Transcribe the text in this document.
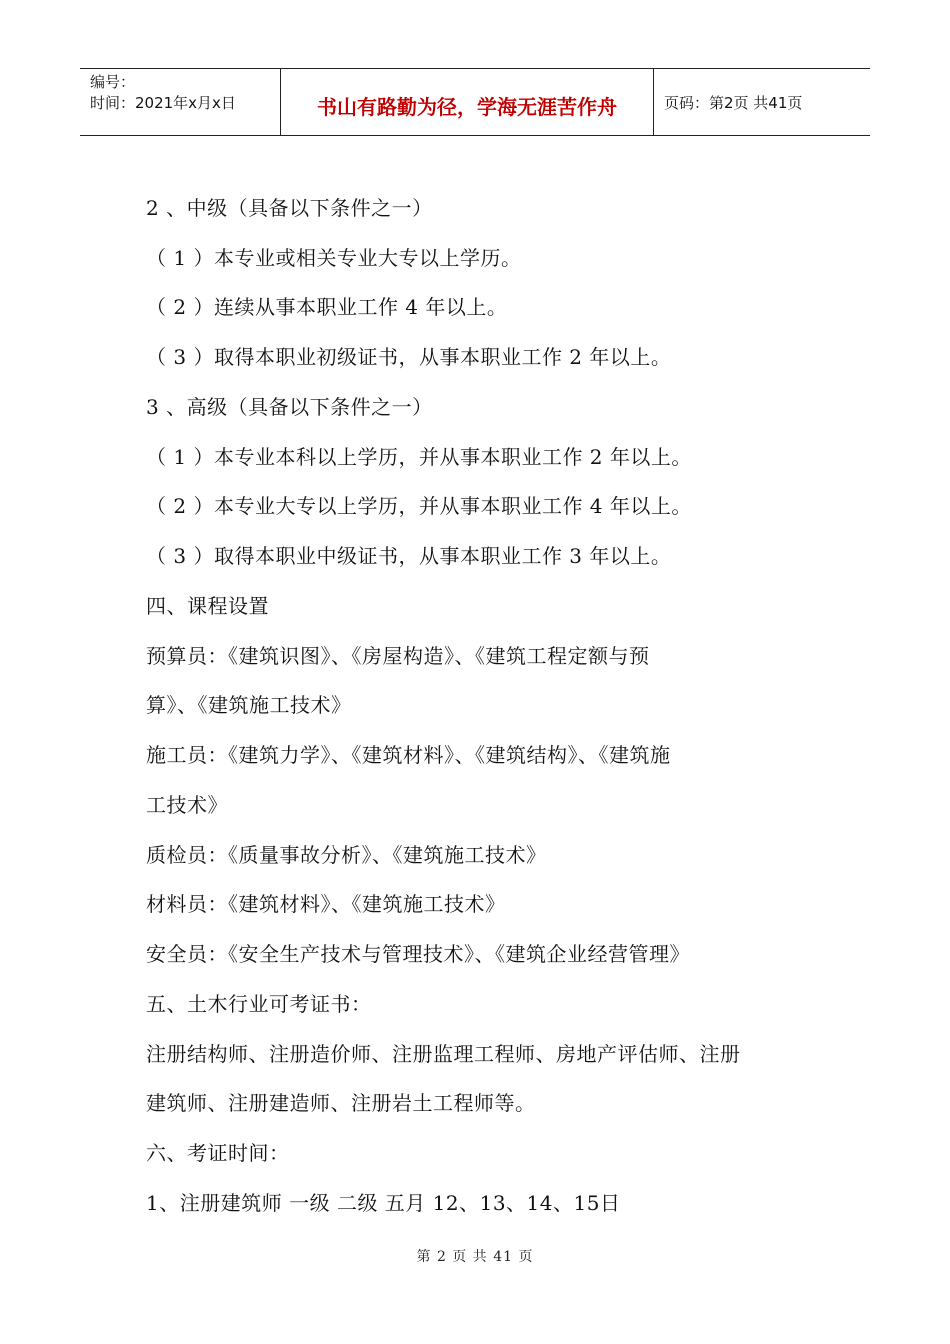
编号：
时间：2021年x月x日	书山有路勤为径，学海无涯苦作舟	页码：第2页 共41页
2 、中级（具备以下条件之一）
（ 1 ）本专业或相关专业大专以上学历。
（ 2 ）连续从事本职业工作 4 年以上。
（ 3 ）取得本职业初级证书，从事本职业工作 2 年以上。
3 、高级（具备以下条件之一）
（ 1 ）本专业本科以上学历，并从事本职业工作 2 年以上。
（ 2 ）本专业大专以上学历，并从事本职业工作 4 年以上。
（ 3 ）取得本职业中级证书，从事本职业工作 3 年以上。
四、课程设置
预算员：《建筑识图》、《房屋构造》、《建筑工程定额与预
算》、《建筑施工技术》
施工员：《建筑力学》、《建筑材料》、《建筑结构》、《建筑施
工技术》
质检员：《质量事故分析》、《建筑施工技术》
材料员：《建筑材料》、《建筑施工技术》
安全员：《安全生产技术与管理技术》、《建筑企业经营管理》
五、土木行业可考证书：
注册结构师、注册造价师、注册监理工程师、房地产评估师、注册
建筑师、注册建造师、注册岩土工程师等。
六、考证时间：
1、注册建筑师 一级 二级 五月 12、13、14、15日
第 2 页 共 41 页
